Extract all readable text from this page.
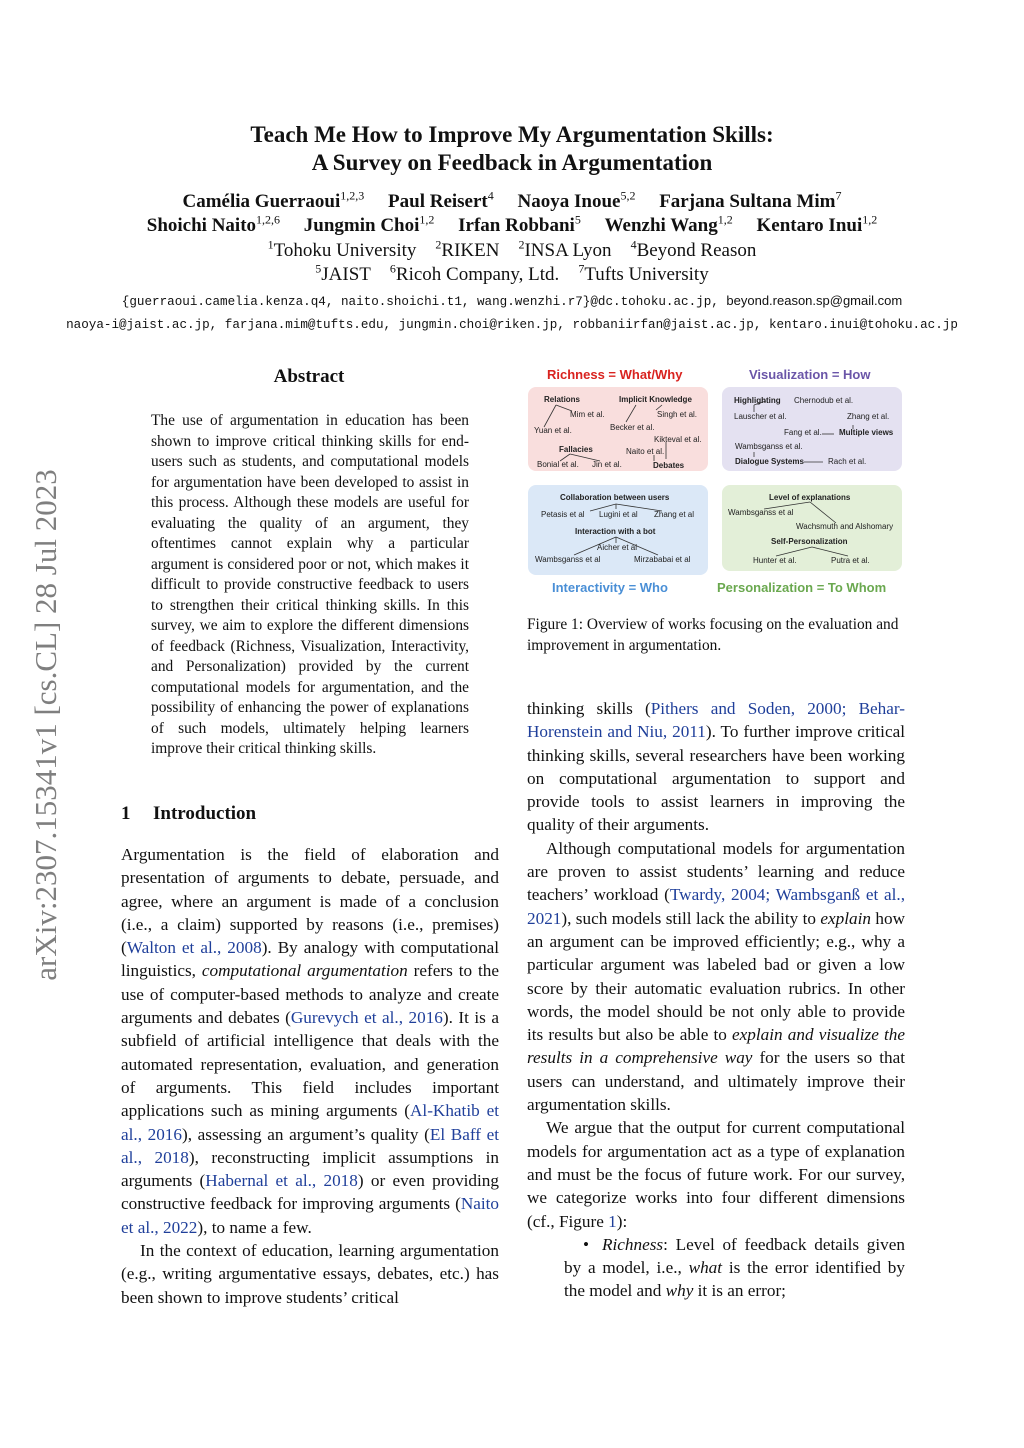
Teach Me How to Improve My Argumentation Skills:
A Survey on Feedback in Argumentation
Camélia Guerraoui$^{1,2,3}$ Paul Reisert$^4$ Naoya Inoue$^{5,2}$ Farjana Sultana Mim$^7$
Shoichi Naito$^{1,2,6}$ Jungmin Choi$^{1,2}$ Irfan Robbani$^5$ Wenzhi Wang$^{1,2}$ Kentaro Inui$^{1,2}$
$^1$Tohoku University $^2$RIKEN $^2$INSA Lyon $^4$Beyond Reason
$^5$JAIST $^6$Ricoh Company, Ltd. $^7$Tufts University
{guerraoui.camelia.kenza.q4, naito.shoichi.t1, wang.wenzhi.r7}@dc.tohoku.ac.jp, beyond.reason.sp@gmail.com
naoya-i@jaist.ac.jp, farjana.mim@tufts.edu, jungmin.choi@riken.jp, robbaniirfan@jaist.ac.jp, kentaro.inui@tohoku.ac.jp
arXiv:2307.15341v1 [cs.CL] 28 Jul 2023
Abstract
The use of argumentation in education has been shown to improve critical thinking skills for end-users such as students, and computational models for argumentation have been developed to assist in this process. Although these models are useful for evaluating the quality of an argument, they oftentimes cannot explain why a particular argument is considered poor or not, which makes it difficult to provide constructive feedback to users to strengthen their critical thinking skills. In this survey, we aim to explore the different dimensions of feedback (Richness, Visualization, Interactivity, and Personalization) provided by the current computational models for argumentation, and the possibility of enhancing the power of explanations of such models, ultimately helping learners improve their critical thinking skills.
1 Introduction

Argumentation is the field of elaboration and presentation of arguments to debate, persuade, and agree, where an argument is made of a conclusion (i.e., a claim) supported by reasons (i.e., premises) (Walton et al., 2008). By analogy with computational linguistics, computational argumentation refers to the use of computer-based methods to analyze and create arguments and debates (Gurevych et al., 2016). It is a subfield of artificial intelligence that deals with the automated representation, evaluation, and generation of arguments. This field includes important applications such as mining arguments (Al-Khatib et al., 2016), assessing an argument’s quality (El Baff et al., 2018), reconstructing implicit assumptions in arguments (Habernal et al., 2018) or even providing constructive feedback for improving arguments (Naito et al., 2022), to name a few.

In the context of education, learning argumentation (e.g., writing argumentative essays, debates, etc.) has been shown to improve students’ critical

Richness = What/Why	Visualization = How
Relations	Implicit Knowledge
Mim et al.	Singh et al.
Yuan et al.	Becker et al.
Kikteval et al.
Fallacies	Naito et al.
Bonial et al. Jin et al.	Debates
Highlighting Chernodub et al.
Lauscher et al.	Zhang et al.
Fang et al. Multiple views
Wambsganss et al.
Dialogue Systems	Rach et al.
Collaboration between users
Petasis et al Lugini et al Zhang et al
Interaction with a bot
Aicher et al
Wambsganss et al	Mirzababai et al
Level of explanations
Wambsganss et al
Wachsmuth and Alshomary
Self-Personalization
Hunter et al.	Putra et al.
Interactivity = Who	Personalization = To Whom
Figure 1: Overview of works focusing on the evaluation and improvement in argumentation.

thinking skills (Pithers and Soden, 2000; Behar-Horenstein and Niu, 2011). To further improve critical thinking skills, several researchers have been working on computational argumentation to support and provide tools to assist learners in improving the quality of their arguments.

Although computational models for argumentation are proven to assist students’ learning and reduce teachers’ workload (Twardy, 2004; Wambsganß et al., 2021), such models still lack the ability to explain how an argument can be improved efficiently; e.g., why a particular argument was labeled bad or given a low score by their automatic evaluation rubrics. In other words, the model should be not only able to provide its results but also be able to explain and visualize the results in a comprehensive way for the users so that users can understand, and ultimately improve their argumentation skills.

We argue that the output for current computational models for argumentation act as a type of explanation and must be the focus of future work. For our survey, we categorize works into four different dimensions (cf., Figure 1):

• Richness: Level of feedback details given by a model, i.e., what is the error identified by the model and why it is an error;
